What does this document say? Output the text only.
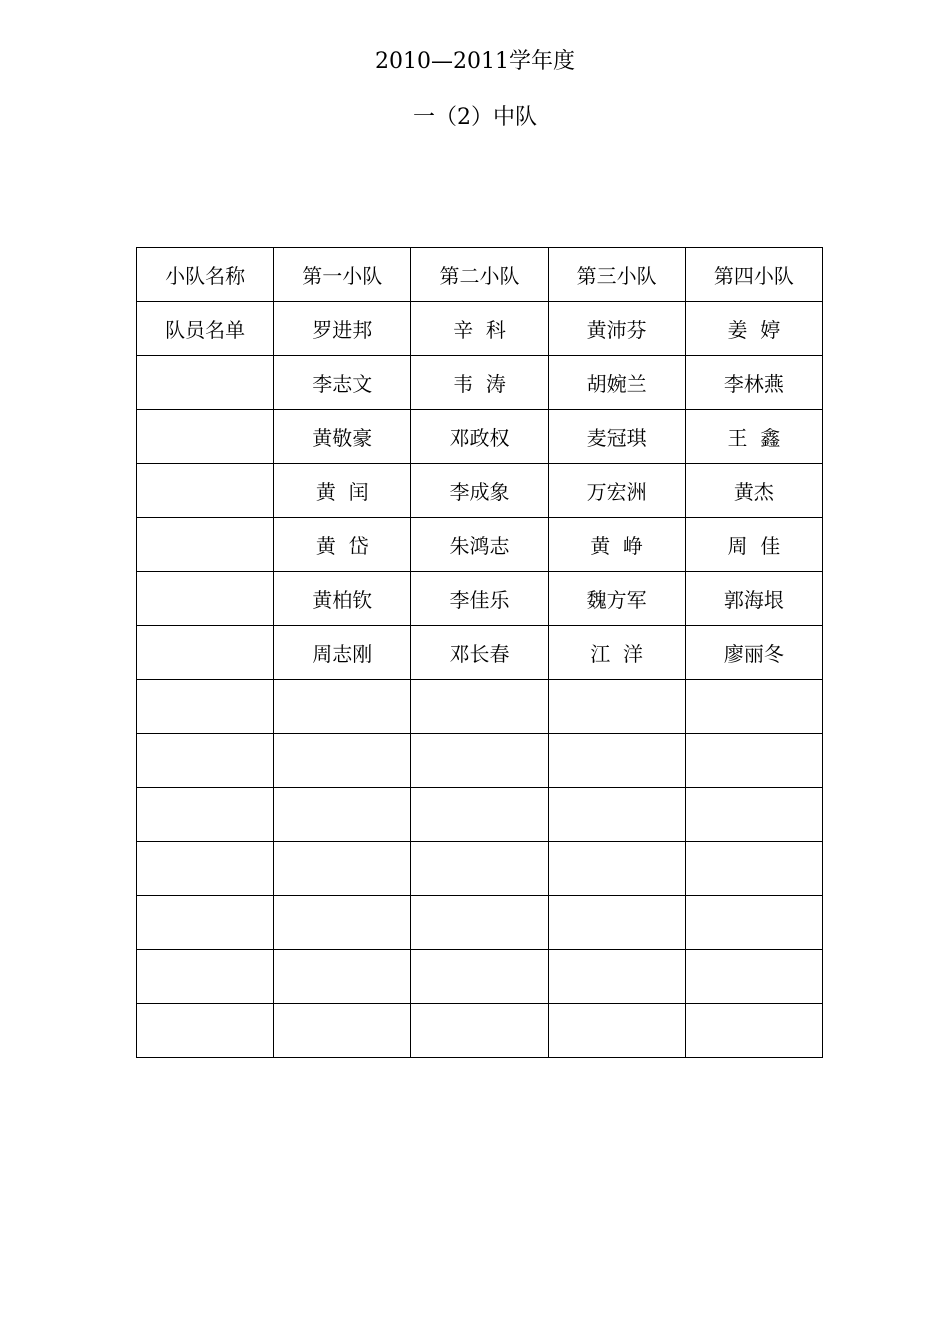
2010—2011学年度
一（2）中队
小队名称	第一小队	第二小队	第三小队	第四小队
队员名单	罗进邦	辛  科	黄沛芬	姜  婷
	李志文	韦  涛	胡婉兰	李林燕
	黄敬豪	邓政权	麦冠琪	王  鑫
	黄  闰	李成象	万宏洲	黄杰
	黄  岱	朱鸿志	黄  峥	周  佳
	黄柏钦	李佳乐	魏方军	郭海垠
	周志刚	邓长春	江  洋	廖丽冬
